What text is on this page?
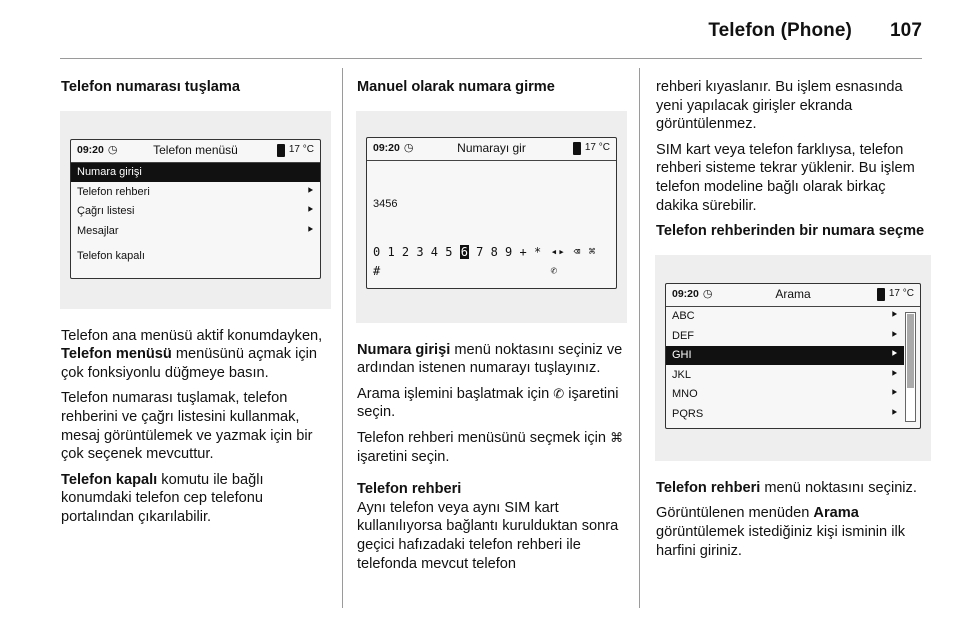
Telefon (Phone) 107
Telefon numarası tuşlama
09:20 ◷	Telefon menüsü	17 °C
Numara girişi
Telefon rehberi	⯈
Çağrı listesi	⯈
Mesajlar	⯈
Telefon kapalı

Telefon ana menüsü aktif konumdayken, Telefon menüsü menüsünü açmak için çok fonksiyonlu düğmeye basın.

Telefon numarası tuşlamak, telefon rehberini ve çağrı listesini kullanmak, mesaj görüntülemek ve yazmak için bir çok seçenek mevcuttur.

Telefon kapalı komutu ile bağlı konumdaki telefon cep telefonu portalından çıkarılabilir.

Manuel olarak numara girme
09:20 ◷	Numarayı gir	17 °C
3456
0 1 2 3 4 5 6 7 8 9 + * #
◂▸ ⌫ ⌘ ✆

Numara girişi menü noktasını seçiniz ve ardından istenen numarayı tuşlayınız.

Arama işlemini başlatmak için ✆ işaretini seçin.

Telefon rehberi menüsünü seçmek için ⌘ işaretini seçin.

Telefon rehberi

Aynı telefon veya aynı SIM kart kullanılıyorsa bağlantı kurulduktan sonra geçici hafızadaki telefon rehberi ile telefonda mevcut telefon

rehberi kıyaslanır. Bu işlem esnasında yeni yapılacak girişler ekranda görüntülenmez.

SIM kart veya telefon farklıysa, telefon rehberi sisteme tekrar yüklenir. Bu işlem telefon modeline bağlı olarak birkaç dakika sürebilir.

Telefon rehberinden bir numara seçme
09:20 ◷	Arama	17 °C
ABC	⯈
DEF	⯈
GHI	⯈
JKL	⯈
MNO	⯈
PQRS	⯈

Telefon rehberi menü noktasını seçiniz.

Görüntülenen menüden Arama görüntülemek istediğiniz kişi isminin ilk harfini giriniz.
